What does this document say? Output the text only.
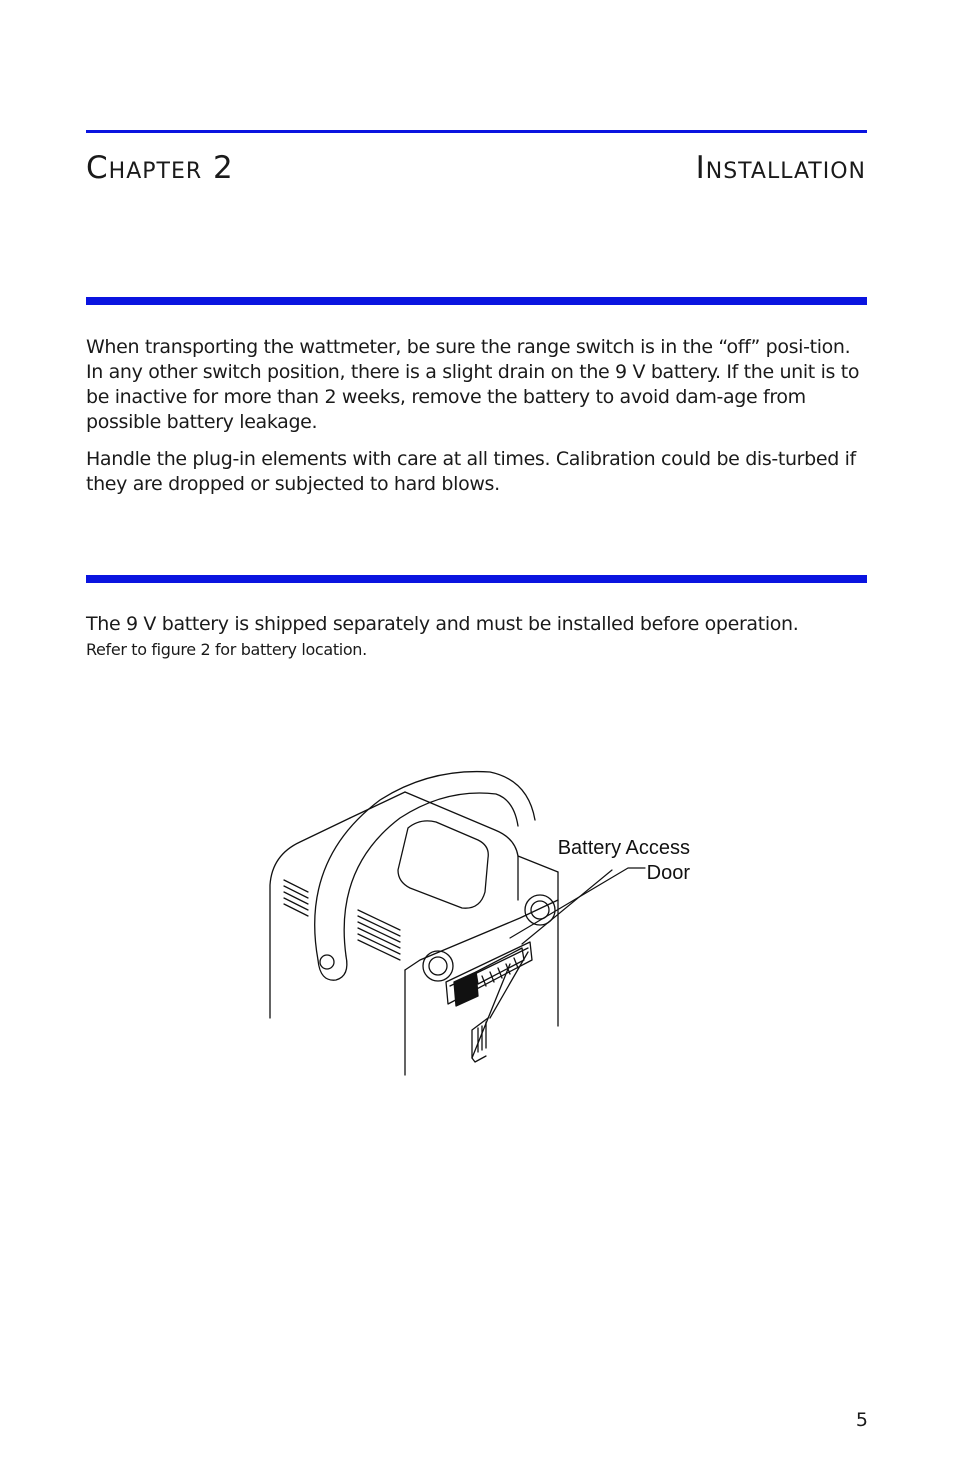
Chapter 2	Installation

When transporting the wattmeter, be sure the range switch is in the “off” posi-tion. In any other switch position, there is a slight drain on the 9 V battery. If the unit is to be inactive for more than 2 weeks, remove the battery to avoid dam-age from possible battery leakage.

Handle the plug-in elements with care at all times. Calibration could be dis-turbed if they are dropped or subjected to hard blows.

The 9 V battery is shipped separately and must be installed before operation.

Refer to figure 2 for battery location.

Battery Access
Door
5
